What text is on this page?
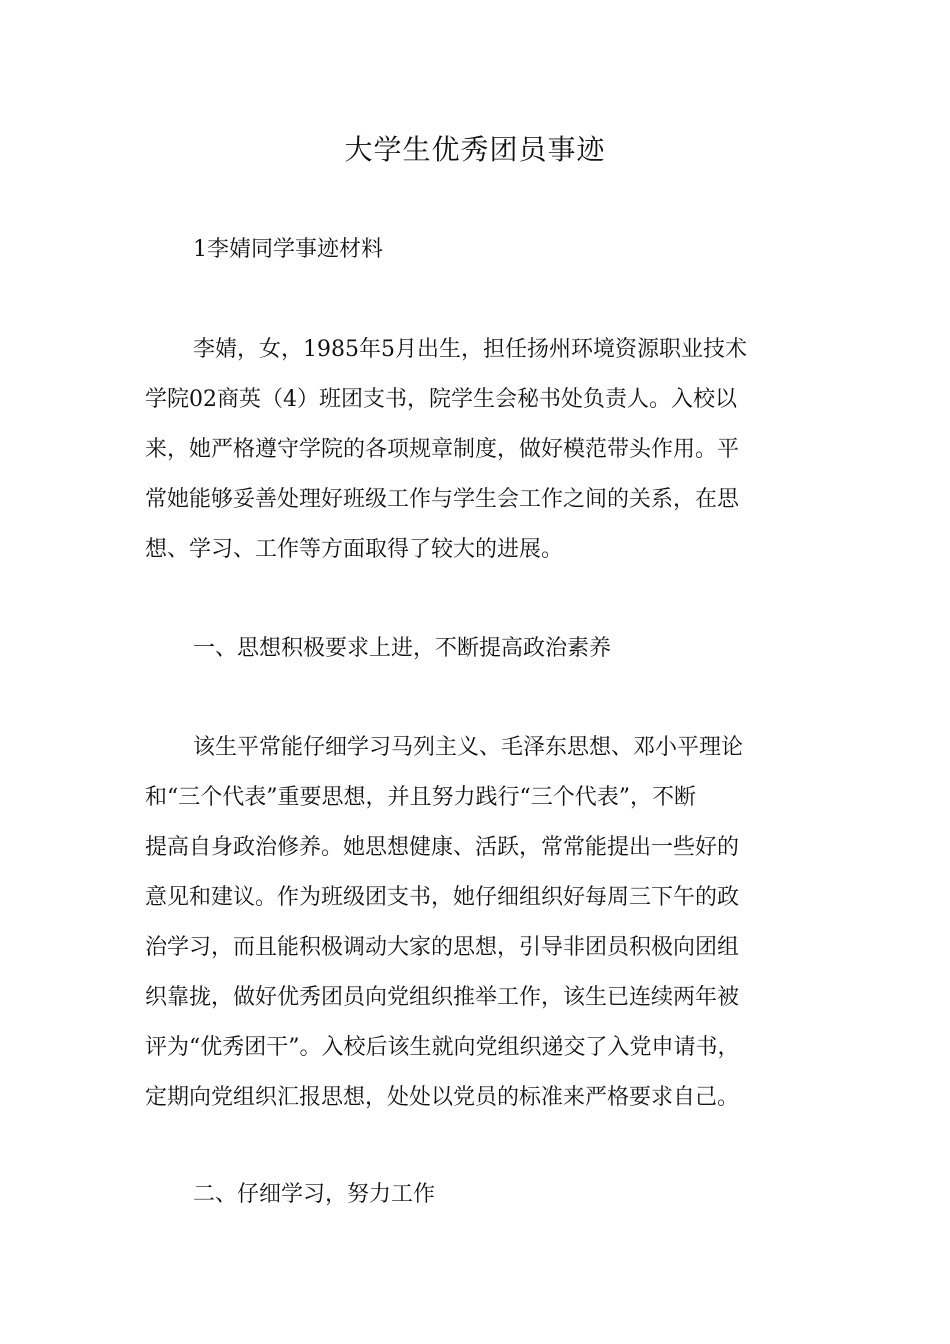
大学生优秀团员事迹
1李婧同学事迹材料
李婧，女，1985年5月出生，担任扬州环境资源职业技术
学院02商英（4）班团支书，院学生会秘书处负责人。入校以
来，她严格遵守学院的各项规章制度，做好模范带头作用。平
常她能够妥善处理好班级工作与学生会工作之间的关系，在思
想、学习、工作等方面取得了较大的进展。
一、思想积极要求上进，不断提高政治素养
该生平常能仔细学习马列主义、毛泽东思想、邓小平理论
和“三个代表”重要思想，并且努力践行“三个代表”，不断
提高自身政治修养。她思想健康、活跃，常常能提出一些好的
意见和建议。作为班级团支书，她仔细组织好每周三下午的政
治学习，而且能积极调动大家的思想，引导非团员积极向团组
织靠拢，做好优秀团员向党组织推举工作，该生已连续两年被
评为“优秀团干”。入校后该生就向党组织递交了入党申请书，
定期向党组织汇报思想，处处以党员的标准来严格要求自己。
二、仔细学习，努力工作
